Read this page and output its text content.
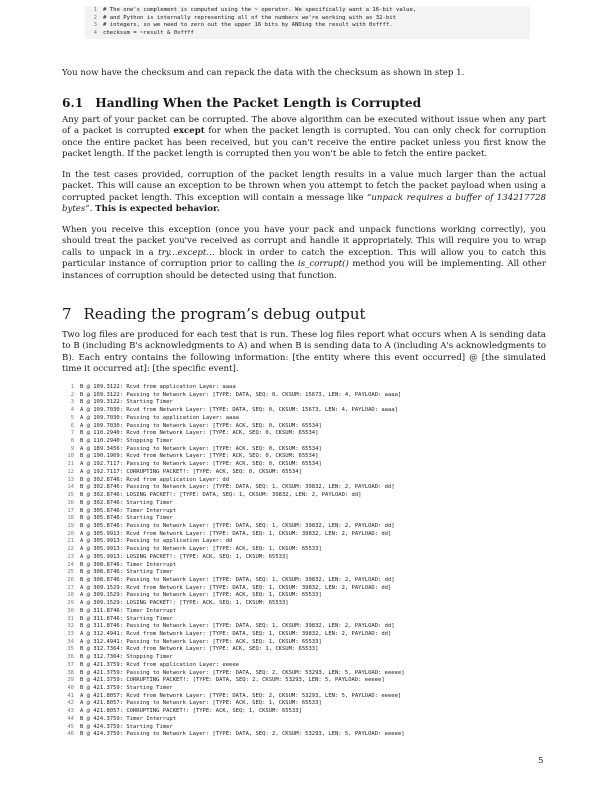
1 # The one's complement is computed using the ~ operator. We specifically want a 16-bit value,
2 # and Python is internally representing all of the numbers we're working with as 32-bit
3 # integers, so we need to zero out the upper 16 bits by ANDing the result with 0xffff.
4 checksum = ~result & 0xffff

You now have the checksum and can repack the data with the checksum as shown in step 1.

6.1 Handling When the Packet Length is Corrupted

Any part of your packet can be corrupted. The above algorithm can be executed without issue when any part of a packet is corrupted except for when the packet length is corrupted. You can only check for corruption once the entire packet has been received, but you can't receive the entire packet unless you first know the packet length. If the packet length is corrupted then you won't be able to fetch the entire packet.

In the test cases provided, corruption of the packet length results in a value much larger than the actual packet. This will cause an exception to be thrown when you attempt to fetch the packet payload when using a corrupted packet length. This exception will contain a message like “unpack requires a buffer of 134217728 bytes”. This is expected behavior.

When you receive this exception (once you have your pack and unpack functions working correctly), you should treat the packet you've received as corrupt and handle it appropriately. This will require you to wrap calls to unpack in a try...except... block in order to catch the exception. This will allow you to catch this particular instance of corruption prior to calling the is_corrupt() method you will be implementing. All other instances of corruption should be detected using that function.

7 Reading the program’s debug output

Two log files are produced for each test that is run. These log files report what occurs when A is sending data to B (including B's acknowledgments to A) and when B is sending data to A (including A's acknowledgments to B). Each entry contains the following information: [the entity where this event occurred] @ [the simulated time it occurred at]: [the specific event].

1 B @ 109.3122: Rcvd from application Layer: aaaa
2 B @ 109.3122: Passing to Network Layer: [TYPE: DATA, SEQ: 0, CKSUM: 15673, LEN: 4, PAYLOAD: aaaa]
3 B @ 109.3122: Starting Timer
4 A @ 109.7030: Rcvd from Network Layer: [TYPE: DATA, SEQ: 0, CKSUM: 15673, LEN: 4, PAYLOAD: aaaa]
5 A @ 109.7030: Passing to application Layer: aaaa
6 A @ 109.7030: Passing to Network Layer: [TYPE: ACK, SEQ: 0, CKSUM: 65534]
7 B @ 110.2940: Rcvd from Network Layer: [TYPE: ACK, SEQ: 0, CKSUM: 65534]
8 B @ 110.2940: Stopping Timer
9 A @ 189.3456: Passing to Network Layer: [TYPE: ACK, SEQ: 0, CKSUM: 65534]
10 B @ 190.1969: Rcvd from Network Layer: [TYPE: ACK, SEQ: 0, CKSUM: 65534]
11 A @ 192.7117: Passing to Network Layer: [TYPE: ACK, SEQ: 0, CKSUM: 65534]
12 A @ 192.7117: CORRUPTING PACKET!: [TYPE: ACK, SEQ: 0, CKSUM: 65534]
13 B @ 302.8746: Rcvd from application Layer: dd
14 B @ 302.8746: Passing to Network Layer: [TYPE: DATA, SEQ: 1, CKSUM: 39832, LEN: 2, PAYLOAD: dd]
15 B @ 302.8746: LOSING PACKET!: [TYPE: DATA, SEQ: 1, CKSUM: 39832, LEN: 2, PAYLOAD: dd]
16 B @ 302.8746: Starting Timer
17 B @ 305.8746: Timer Interrupt
18 B @ 305.8746: Starting Timer
19 B @ 305.8746: Passing to Network Layer: [TYPE: DATA, SEQ: 1, CKSUM: 39832, LEN: 2, PAYLOAD: dd]
20 A @ 305.9913: Rcvd from Network Layer: [TYPE: DATA, SEQ: 1, CKSUM: 39832, LEN: 2, PAYLOAD: dd]
21 A @ 305.9913: Passing to application Layer: dd
22 A @ 305.9913: Passing to Network Layer: [TYPE: ACK, SEQ: 1, CKSUM: 65533]
23 A @ 305.9913: LOSING PACKET!: [TYPE: ACK, SEQ: 1, CKSUM: 65533]
24 B @ 308.8746: Timer Interrupt
25 B @ 308.8746: Starting Timer
26 B @ 308.8746: Passing to Network Layer: [TYPE: DATA, SEQ: 1, CKSUM: 39832, LEN: 2, PAYLOAD: dd]
27 A @ 309.1529: Rcvd from Network Layer: [TYPE: DATA, SEQ: 1, CKSUM: 39832, LEN: 2, PAYLOAD: dd]
28 A @ 309.1529: Passing to Network Layer: [TYPE: ACK, SEQ: 1, CKSUM: 65533]
29 A @ 309.1529: LOSING PACKET!: [TYPE: ACK, SEQ: 1, CKSUM: 65533]
30 B @ 311.8746: Timer Interrupt
31 B @ 311.8746: Starting Timer
32 B @ 311.8746: Passing to Network Layer: [TYPE: DATA, SEQ: 1, CKSUM: 39832, LEN: 2, PAYLOAD: dd]
33 A @ 312.4941: Rcvd from Network Layer: [TYPE: DATA, SEQ: 1, CKSUM: 39832, LEN: 2, PAYLOAD: dd]
34 A @ 312.4941: Passing to Network Layer: [TYPE: ACK, SEQ: 1, CKSUM: 65533]
35 B @ 312.7364: Rcvd from Network Layer: [TYPE: ACK, SEQ: 1, CKSUM: 65533]
36 B @ 312.7364: Stopping Timer
37 B @ 421.3759: Rcvd from application Layer: eeeee
38 B @ 421.3759: Passing to Network Layer: [TYPE: DATA, SEQ: 2, CKSUM: 53293, LEN: 5, PAYLOAD: eeeee]
39 B @ 421.3759: CORRUPTING PACKET!: [TYPE: DATA, SEQ: 2, CKSUM: 53293, LEN: 5, PAYLOAD: eeeee]
40 B @ 421.3759: Starting Timer
41 A @ 421.8057: Rcvd from Network Layer: [TYPE: DATA, SEQ: 2, CKSUM: 53293, LEN: 5, PAYLOAD: eeeee]
42 A @ 421.8057: Passing to Network Layer: [TYPE: ACK, SEQ: 1, CKSUM: 65533]
43 A @ 421.8057: CORRUPTING PACKET!: [TYPE: ACK, SEQ: 1, CKSUM: 65533]
44 B @ 424.3759: Timer Interrupt
45 B @ 424.3759: Starting Timer
46 B @ 424.3759: Passing to Network Layer: [TYPE: DATA, SEQ: 2, CKSUM: 53293, LEN: 5, PAYLOAD: eeeee]
5
